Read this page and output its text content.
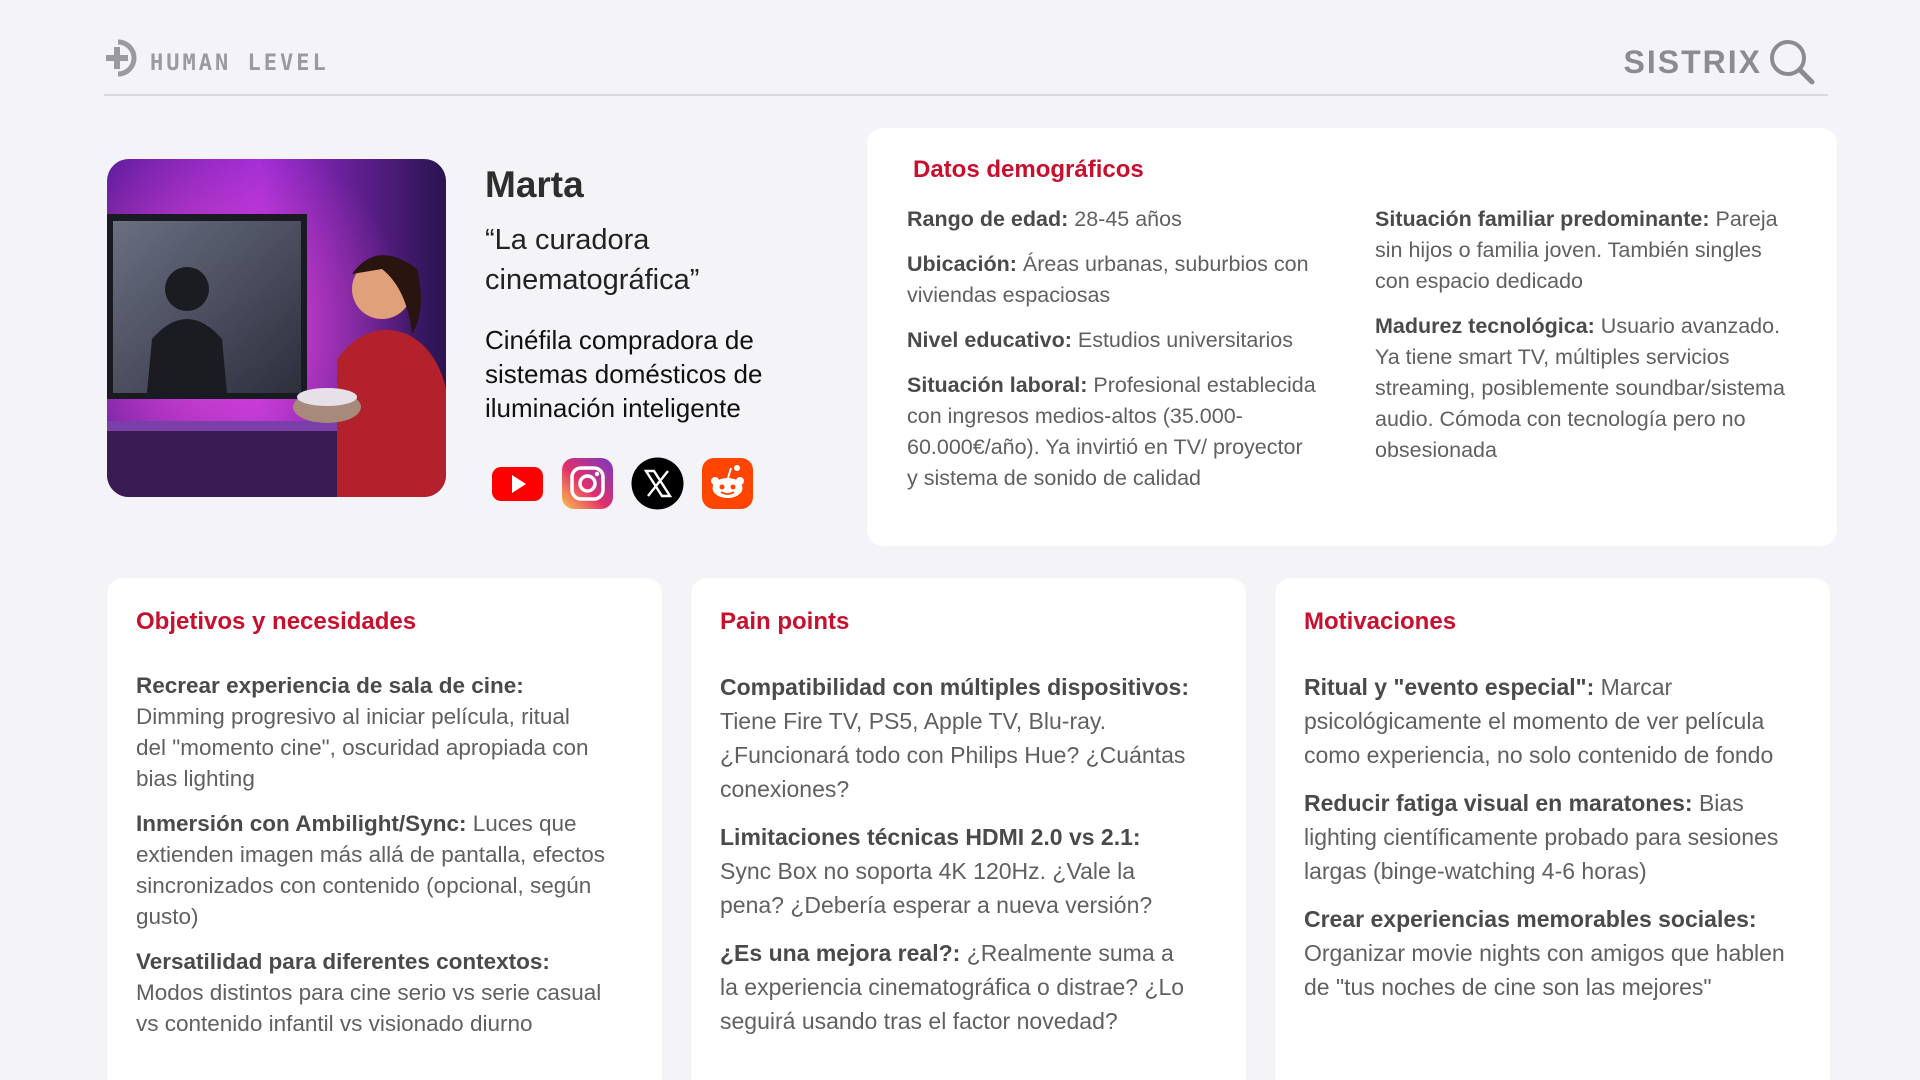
HUMAN LEVEL	SISTRIX
Marta
“La curadora cinematográfica”
Cinéfila compradora de sistemas domésticos de iluminación inteligente
Datos demográficos
Rango de edad: 28-45 años
Ubicación: Áreas urbanas, suburbios con viviendas espaciosas
Nivel educativo: Estudios universitarios
Situación laboral: Profesional establecida con ingresos medios-altos (35.000-60.000€/año). Ya invirtió en TV/ proyector y sistema de sonido de calidad
Situación familiar predominante: Pareja sin hijos o familia joven. También singles con espacio dedicado
Madurez tecnológica: Usuario avanzado. Ya tiene smart TV, múltiples servicios streaming, posiblemente soundbar/sistema audio. Cómoda con tecnología pero no obsesionada
Objetivos y necesidades
Recrear experiencia de sala de cine: Dimming progresivo al iniciar película, ritual del "momento cine", oscuridad apropiada con bias lighting
Inmersión con Ambilight/Sync: Luces que extienden imagen más allá de pantalla, efectos sincronizados con contenido (opcional, según gusto)
Versatilidad para diferentes contextos: Modos distintos para cine serio vs serie casual vs contenido infantil vs visionado diurno
Pain points
Compatibilidad con múltiples dispositivos: Tiene Fire TV, PS5, Apple TV, Blu-ray. ¿Funcionará todo con Philips Hue? ¿Cuántas conexiones?
Limitaciones técnicas HDMI 2.0 vs 2.1: Sync Box no soporta 4K 120Hz. ¿Vale la pena? ¿Debería esperar a nueva versión?
¿Es una mejora real?: ¿Realmente suma a la experiencia cinematográfica o distrae? ¿Lo seguirá usando tras el factor novedad?
Motivaciones
Ritual y "evento especial": Marcar psicológicamente el momento de ver película como experiencia, no solo contenido de fondo
Reducir fatiga visual en maratones: Bias lighting científicamente probado para sesiones largas (binge-watching 4-6 horas)
Crear experiencias memorables sociales: Organizar movie nights con amigos que hablen de "tus noches de cine son las mejores"
